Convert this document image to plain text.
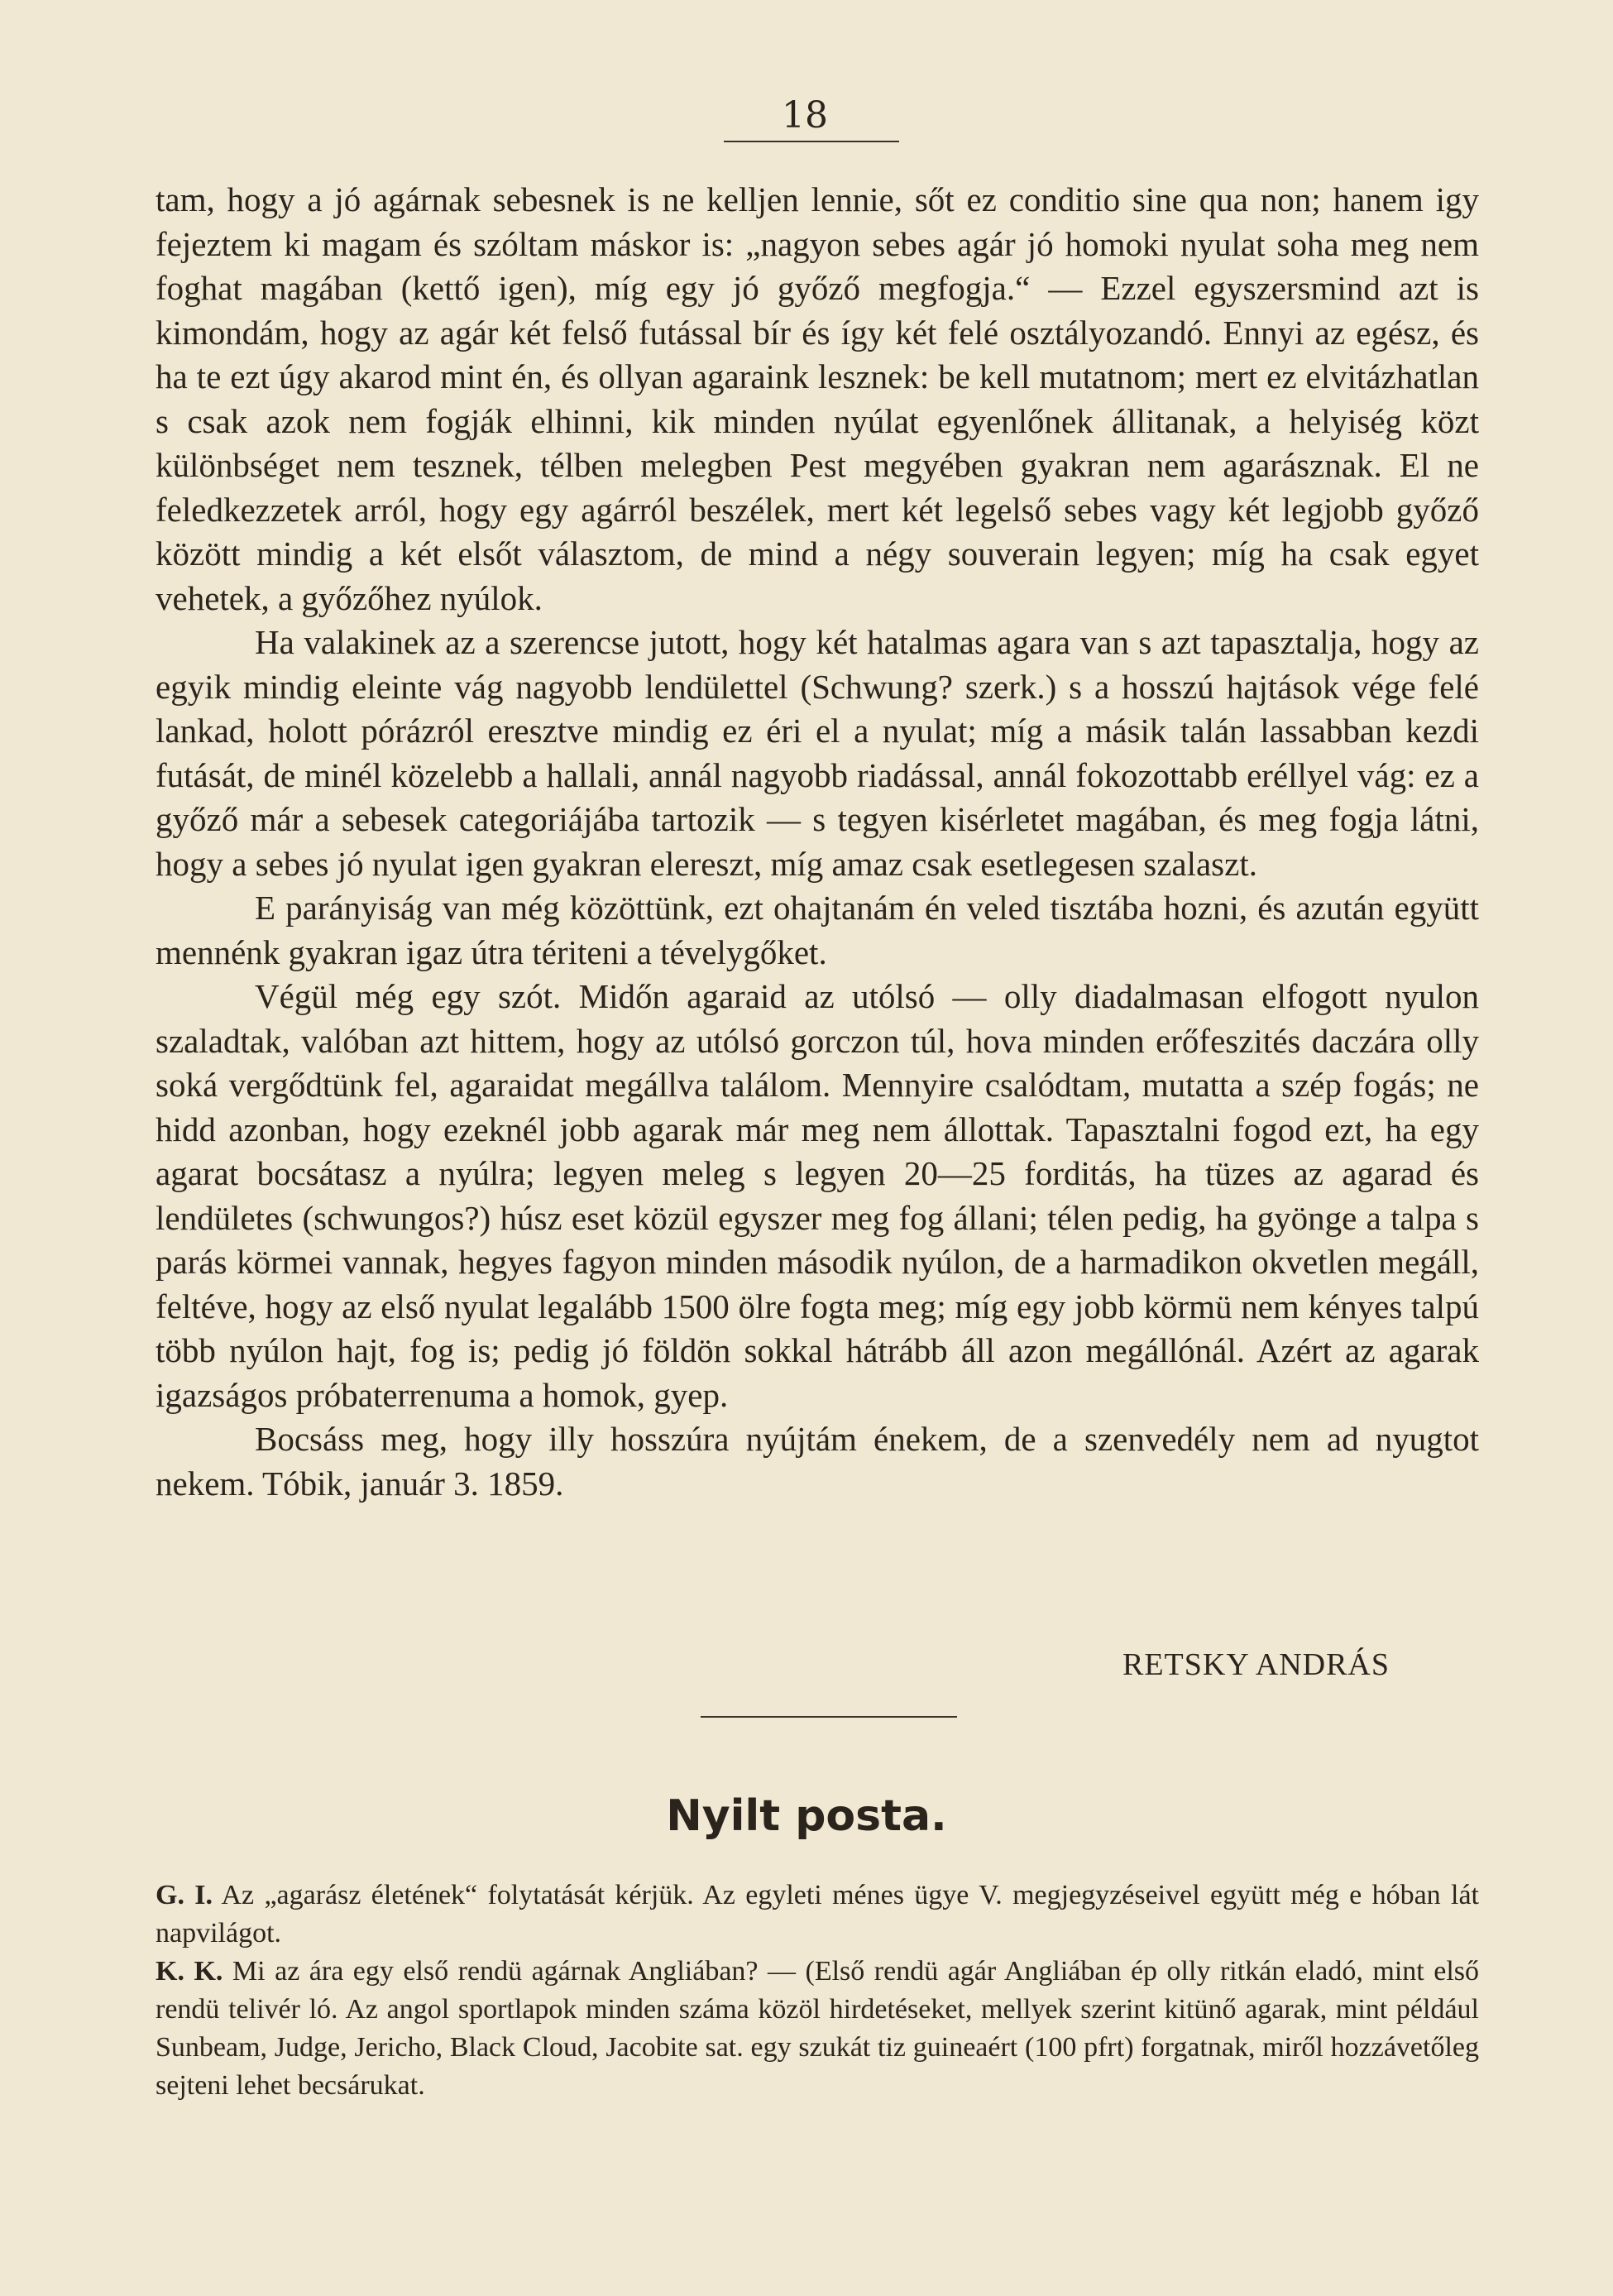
18

tam, hogy a jó agárnak sebesnek is ne kelljen lennie, sőt ez conditio sine qua non; hanem igy fejeztem ki magam és szóltam máskor is: „nagyon sebes agár jó homoki nyulat soha meg nem foghat magában (kettő igen), míg egy jó győző megfogja.“ — Ezzel egyszersmind azt is kimondám, hogy az agár két felső futással bír és így két felé osztályozandó. Ennyi az egész, és ha te ezt úgy akarod mint én, és ollyan agaraink lesznek: be kell mutatnom; mert ez elvitázhatlan s csak azok nem fogják elhinni, kik minden nyúlat egyenlőnek állitanak, a helyiség közt különbséget nem tesznek, télben melegben Pest megyében gyakran nem agarásznak. El ne feledkezzetek arról, hogy egy agárról beszélek, mert két legelső sebes vagy két legjobb győző között mindig a két elsőt választom, de mind a négy souverain legyen; míg ha csak egyet vehetek, a győzőhez nyúlok.

Ha valakinek az a szerencse jutott, hogy két hatalmas agara van s azt tapasztalja, hogy az egyik mindig eleinte vág nagyobb lendülettel (Schwung? szerk.) s a hosszú hajtások vége felé lankad, holott pórázról eresztve mindig ez éri el a nyulat; míg a másik talán lassabban kezdi futását, de minél közelebb a hallali, annál nagyobb riadással, annál fokozottabb eréllyel vág: ez a győző már a sebesek categoriájába tartozik — s tegyen kisérletet magában, és meg fogja látni, hogy a sebes jó nyulat igen gyakran elereszt, míg amaz csak esetlegesen szalaszt.

E parányiság van még közöttünk, ezt ohajtanám én veled tisztába hozni, és azután együtt mennénk gyakran igaz útra tériteni a tévelygőket.

Végül még egy szót. Midőn agaraid az utólsó — olly diadalmasan elfogott nyulon szaladtak, valóban azt hittem, hogy az utólsó gorczon túl, hova minden erőfeszités daczára olly soká vergődtünk fel, agaraidat megállva találom. Mennyire csalódtam, mutatta a szép fogás; ne hidd azonban, hogy ezeknél jobb agarak már meg nem állottak. Tapasztalni fogod ezt, ha egy agarat bocsátasz a nyúlra; legyen meleg s legyen 20—25 forditás, ha tüzes az agarad és lendületes (schwungos?) húsz eset közül egyszer meg fog állani; télen pedig, ha gyönge a talpa s parás körmei vannak, hegyes fagyon minden második nyúlon, de a harmadikon okvetlen megáll, feltéve, hogy az első nyulat legalább 1500 ölre fogta meg; míg egy jobb körmü nem kényes talpú több nyúlon hajt, fog is; pedig jó földön sokkal hátrább áll azon megállónál. Azért az agarak igazságos próbaterrenuma a homok, gyep.

Bocsáss meg, hogy illy hosszúra nyújtám énekem, de a szenvedély nem ad nyugtot nekem. Tóbik, január 3. 1859.

RETSKY ANDRÁS
Nyilt posta.

G. I. Az „agarász életének“ folytatását kérjük. Az egyleti ménes ügye V. megjegyzéseivel együtt még e hóban lát napvilágot.

K. K. Mi az ára egy első rendü agárnak Angliában? — (Első rendü agár Angliában ép olly ritkán eladó, mint első rendü telivér ló. Az angol sportlapok minden száma közöl hirdetéseket, mellyek szerint kitünő agarak, mint például Sunbeam, Judge, Jericho, Black Cloud, Jacobite sat. egy szukát tiz guineaért (100 pfrt) forgatnak, miről hozzávetőleg sejteni lehet becsárukat.
